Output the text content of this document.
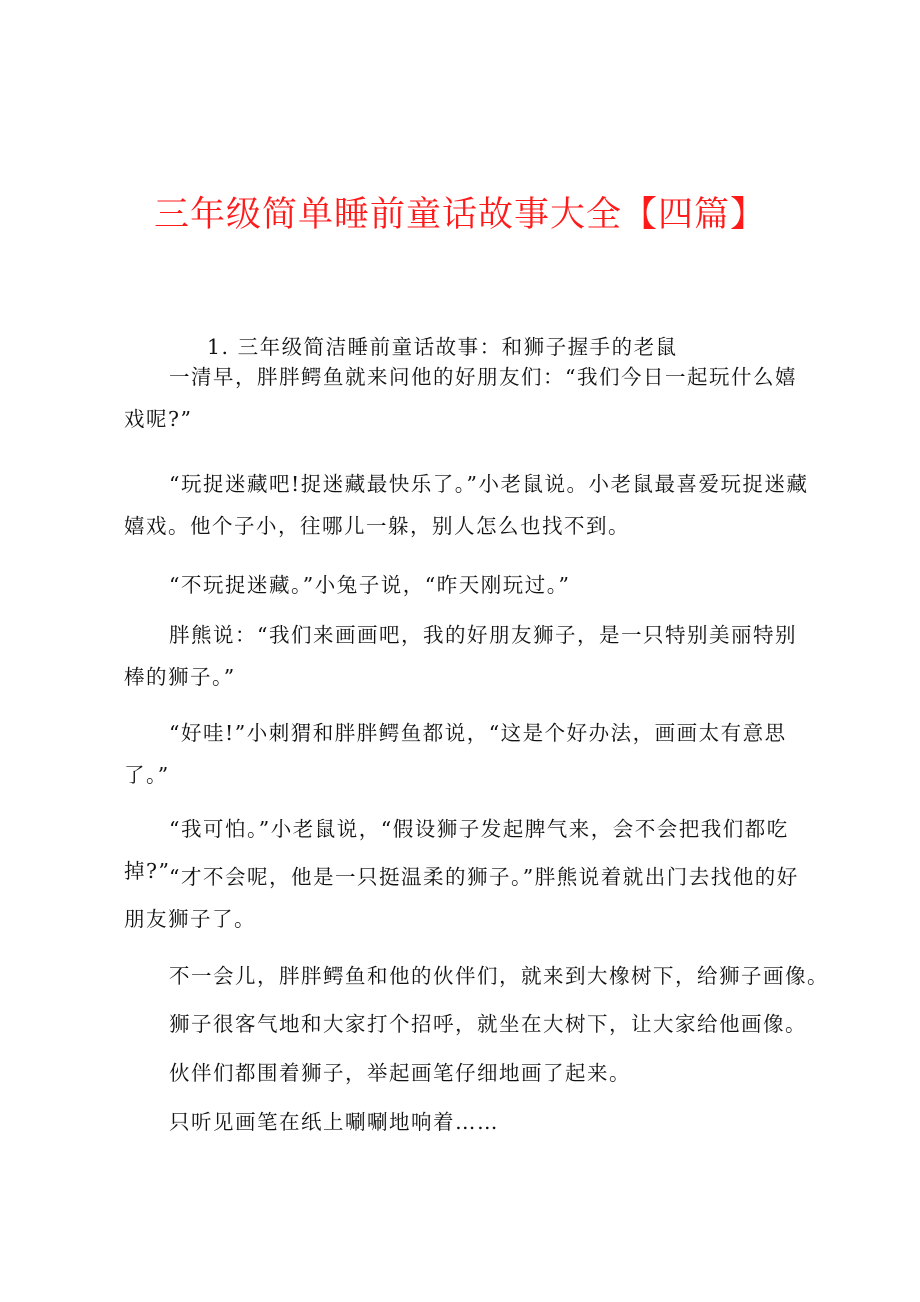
三年级简单睡前童话故事大全【四篇】
1. 三年级简洁睡前童话故事：和狮子握手的老鼠

一清早，胖胖鳄鱼就来问他的好朋友们：“我们今日一起玩什么嬉戏呢?”

“玩捉迷藏吧!捉迷藏最快乐了。”小老鼠说。小老鼠最喜爱玩捉迷藏嬉戏。他个子小，往哪儿一躲，别人怎么也找不到。

“不玩捉迷藏。”小兔子说，“昨天刚玩过。”

胖熊说：“我们来画画吧，我的好朋友狮子，是一只特别美丽特别棒的狮子。”

“好哇!”小刺猬和胖胖鳄鱼都说，“这是个好办法，画画太有意思了。”

“我可怕。”小老鼠说，“假设狮子发起脾气来，会不会把我们都吃掉?”

“才不会呢，他是一只挺温柔的狮子。”胖熊说着就出门去找他的好朋友狮子了。

不一会儿，胖胖鳄鱼和他的伙伴们，就来到大橡树下，给狮子画像。

狮子很客气地和大家打个招呼，就坐在大树下，让大家给他画像。

伙伴们都围着狮子，举起画笔仔细地画了起来。

只听见画笔在纸上唰唰地响着……
